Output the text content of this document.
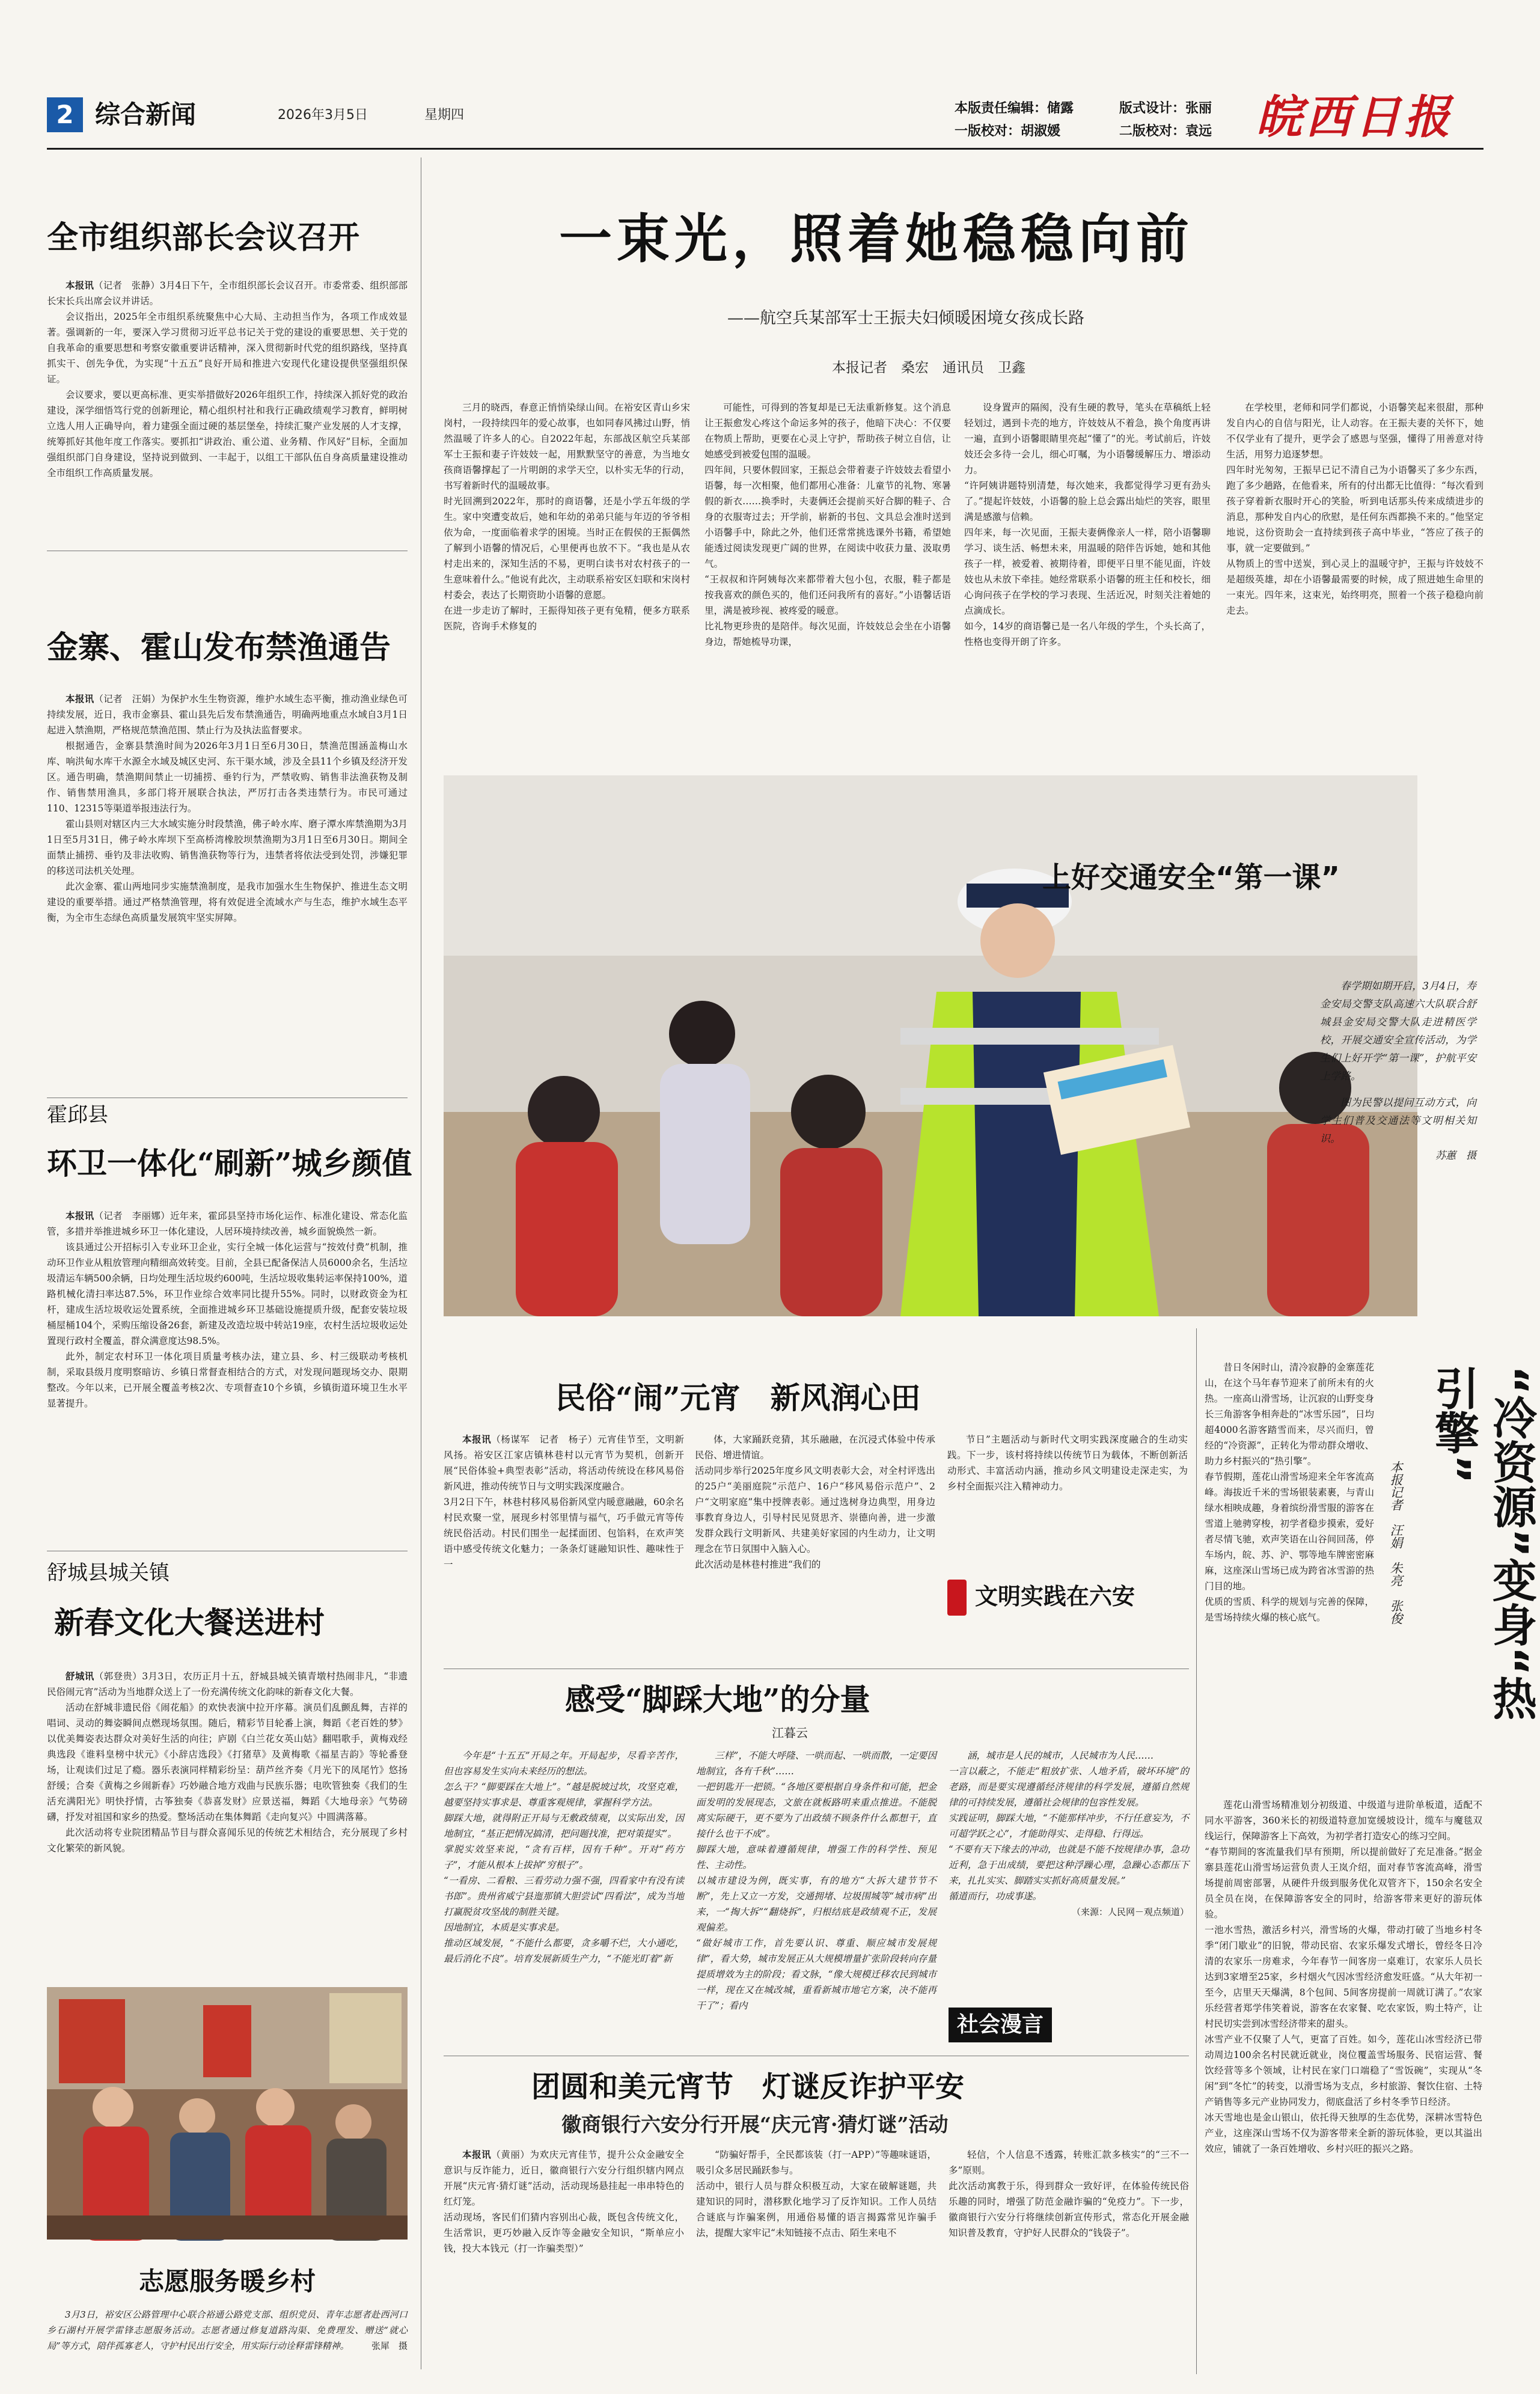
2 综合新闻	2026年3月5日	星期四	本版责任编辑：储露	版式设计：张丽
一版校对：胡淑媛	二版校对：袁远 皖西日报
全市组织部长会议召开

本报讯（记者　张静）3月4日下午，全市组织部长会议召开。市委常委、组织部部长宋长兵出席会议并讲话。

会议指出，2025年全市组织系统聚焦中心大局、主动担当作为，各项工作成效显著。强调新的一年，要深入学习贯彻习近平总书记关于党的建设的重要思想、关于党的自我革命的重要思想和考察安徽重要讲话精神，深入贯彻新时代党的组织路线，坚持真抓实干、创先争优，为实现“十五五”良好开局和推进六安现代化建设提供坚强组织保证。

会议要求，要以更高标准、更实举措做好2026年组织工作，持续深入抓好党的政治建设，深学细悟笃行党的创新理论，精心组织村社和我行正确政绩观学习教育，鲜明树立选人用人正确导向，着力建强全面过硬的基层堡垒，持续汇聚产业发展的人才支撑，统筹抓好其他年度工作落实。要抓扣“讲政治、重公道、业务精、作风好”目标，全面加强组织部门自身建设，坚持说到做到、一丰起于，以组工干部队伍自身高质量建设推动全市组织工作高质量发展。

金寨、霍山发布禁渔通告

本报讯（记者　汪娟）为保护水生生物资源，维护水域生态平衡，推动渔业绿色可持续发展，近日，我市金寨县、霍山县先后发布禁渔通告，明确两地重点水域自3月1日起进入禁渔期，严格规范禁渔范围、禁止行为及执法监督要求。

根据通告，金寨县禁渔时间为2026年3月1日至6月30日，禁渔范围涵盖梅山水库、响洪甸水库干水源全水域及城区史河、东干渠水域，涉及全县11个乡镇及经济开发区。通告明确，禁渔期间禁止一切捕捞、垂钓行为，严禁收购、销售非法渔获物及制作、销售禁用渔具，多部门将开展联合执法，严厉打击各类违禁行为。市民可通过110、12315等渠道举报违法行为。

霍山县则对辖区内三大水域实施分时段禁渔，佛子岭水库、磨子潭水库禁渔期为3月1日至5月31日，佛子岭水库坝下至高桥湾橡胶坝禁渔期为3月1日至6月30日。期间全面禁止捕捞、垂钓及非法收购、销售渔获物等行为，违禁者将依法受到处罚，涉嫌犯罪的移送司法机关处理。

此次金寨、霍山两地同步实施禁渔制度，是我市加强水生生物保护、推进生态文明建设的重要举措。通过严格禁渔管理，将有效促进全流域水产与生态，维护水域生态平衡，为全市生态绿色高质量发展筑牢坚实屏障。

霍邱县
环卫一体化“刷新”城乡颜值

本报讯（记者　李丽娜）近年来，霍邱县坚持市场化运作、标准化建设、常态化监管，多措并举推进城乡环卫一体化建设，人居环境持续改善，城乡面貌焕然一新。

该县通过公开招标引入专业环卫企业，实行全城一体化运营与“按效付费”机制，推动环卫作业从粗放管理向精细高效转变。目前，全县已配备保洁人员6000余名，生活垃圾清运车辆500余辆，日均处理生活垃圾约600吨，生活垃圾收集转运率保持100%，道路机械化清扫率达87.5%，环卫作业综合效率同比提升55%。同时，以财政资金为杠杆，建成生活垃圾收运处置系统，全面推进城乡环卫基础设施提质升级，配套安装垃圾桶屋桶104个，采购压缩设备26套，新建及改造垃圾中转站19座，农村生活垃圾收运处置现行政村全覆盖，群众满意度达98.5%。

此外，制定农村环卫一体化项目质量考核办法，建立县、乡、村三级联动考核机制，采取县级月度明察暗访、乡镇日常督查相结合的方式，对发现问题现场交办、限期整改。今年以来，已开展全覆盖考核2次、专项督查10个乡镇，乡镇街道环境卫生水平显著提升。

舒城县城关镇
新春文化大餐送进村

舒城讯（郭登贵）3月3日，农历正月十五，舒城县城关镇青墩村热闹非凡，“非遗民俗闹元宵”活动为当地群众送上了一份充满传统文化韵味的新春文化大餐。

活动在舒城非遗民俗《闹花船》的欢快表演中拉开序幕。演员们乱颤乱舞，吉祥的唱词、灵动的舞姿瞬间点燃现场氛围。随后，精彩节目轮番上演，舞蹈《老百姓的梦》以优美舞姿表达群众对美好生活的向往；庐剧《白兰花女英山姑》翻唱歌手，黄梅戏经典选段《谁料皇榜中状元》《小辞店选段》《打猪草》及黄梅歌《福星吉韵》等轮番登场，让观读们过足了瘾。器乐表演同样精彩纷呈：葫芦丝齐奏《月光下的凤尾竹》悠扬舒缓；合奏《黄梅之乡闹新春》巧妙融合地方戏曲与民族乐器；电吹管独奏《我们的生活充满阳光》明快抒情，古筝独奏《恭喜发财》应景送福，舞蹈《大地母亲》气势磅礴，抒发对祖国和家乡的热爱。整场活动在集体舞蹈《走向复兴》中圆满落幕。

此次活动将专业院团精品节目与群众喜闻乐见的传统艺术相结合，充分展现了乡村文化繁荣的新风貌。

志愿服务暖乡村

3月3日，裕安区公路管理中心联合裕通公路党支部、组织党员、青年志愿者赴西河口乡石湖村开展学雷锋志愿服务活动。志愿者通过修复道路沟渠、免费理发、赠送“就心局”等方式，陪伴孤寡老人，守护村民出行安全，用实际行动诠释雷锋精神。	张犀　摄

一束光，照着她稳稳向前
——航空兵某部军士王振夫妇倾暖困境女孩成长路
本报记者　桑宏　通讯员　卫鑫

三月的晓西，春意正悄悄染绿山间。在裕安区青山乡宋岗村，一段持续四年的爱心故事，也如同春风拂过山野，悄然温暖了许多人的心。自2022年起，东部战区航空兵某部军士王振和妻子许妓妓一起，用默默坚守的善意，为当地女孩商语馨撑起了一片明朗的求学天空，以朴实无华的行动，书写着新时代的温暖故事。
时光回溯到2022年，那时的商语馨，还是小学五年级的学生。家中突遭变故后，她和年幼的弟弟只能与年迈的爷爷相依为命，一度面临着求学的困境。当时正在假侯的王振偶然了解到小语馨的情况后，心里便再也放不下。“我也是从农村走出来的，深知生活的不易，更明白读书对农村孩子的一生意味着什么。”他说有此次，主动联系裕安区妇联和宋岗村村委会，表达了长期资助小语馨的意愿。
在进一步走访了解时，王振得知孩子更有兔精，便多方联系医院，咨询手术修复的

可能性，可得到的答复却是已无法重新修复。这个消息让王振愈发心疼这个命运多舛的孩子，他暗下决心：不仅要在物质上帮助，更要在心灵上守护，帮助孩子树立自信，让她感受到被爱包围的温暖。
四年间，只要休假回家，王振总会带着妻子许妓妓去看望小语馨，每一次相聚，他们都用心准备：儿童节的礼物、寒暑假的新衣……换季时，夫妻俩还会提前买好合脚的鞋子、合身的衣服寄过去；开学前，崭新的书包、文具总会准时送到小语馨手中，除此之外，他们还常常挑选课外书籍，希望她能透过阅读发现更广阔的世界，在阅读中收获力量、汲取勇气。
“王叔叔和许阿姨每次来都带着大包小包，衣服，鞋子都是按我喜欢的颜色买的，他们还问我所有的喜好。”小语馨话语里，满是被珍视、被疼爱的暖意。
比礼物更珍贵的是陪伴。每次见面，许妓妓总会坐在小语馨身边，帮她梳导功课，

设身置声的隔阂，没有生硬的教导，笔头在草稿纸上轻轻划过，遇到卡壳的地方，许妓妓从不着急，换个角度再讲一遍，直到小语馨眼睛里亮起“懂了”的光。考试前后，许妓妓还会多待一会儿，细心叮嘱，为小语馨缓解压力、增添动力。
“许阿姨讲题特别清楚，每次她来，我都觉得学习更有劲头了。”提起许妓妓，小语馨的脸上总会露出灿烂的笑容，眼里满是感激与信赖。
四年来，每一次见面，王振夫妻俩像亲人一样，陪小语馨聊学习、谈生活、畅想未来，用温暖的陪伴告诉她，她和其他孩子一样，被爱着、被期待着，即便平日里不能见面，许妓妓也从未放下牵挂。她经常联系小语馨的班主任和校长，细心询问孩子在学校的学习表现、生活近况，时刻关注着她的点滴成长。
如今，14岁的商语馨已是一名八年级的学生，个头长高了，性格也变得开朗了许多。

在学校里，老师和同学们都说，小语馨笑起来很甜，那种发自内心的自信与阳光，让人动容。在王振夫妻的关怀下，她不仅学业有了提升，更学会了感恩与坚强，懂得了用善意对待生活，用努力追逐梦想。
四年时光匆匆，王振早已记不清自己为小语馨买了多少东西，跑了多少趟路，在他看来，所有的付出都无比值得：“每次看到孩子穿着新衣服时开心的笑脸，听到电话那头传来成绩进步的消息，那种发自内心的欣慰，是任何东西都换不来的。”他坚定地说，这份资助会一直持续到孩子高中毕业，“答应了孩子的事，就一定要做到。”
从物质上的雪中送炭，到心灵上的温暖守护，王振与许妓妓不是超级英雄，却在小语馨最需要的时候，成了照进她生命里的一束光。四年来，这束光，始终明亮，照着一个孩子稳稳向前走去。

上好交通安全“第一课”

春学期如期开启，3月4日，寿金安局交警支队高速六大队联合舒城县金安局交警大队走进精医学校，开展交通安全宣传活动，为学生们上好开学“第一课”，护航平安上学路。

图为民警以提问互动方式，向学生们普及交通法等文明相关知识。

苏蕙　摄

民俗“闹”元宵　新风润心田

本报讯（杨谋军　记者　杨子）元宵佳节至，文明新风扬。裕安区江家店镇林巷村以元宵节为契机，创新开展“民俗体验+典型表彰”活动，将活动传统设在移风易俗新风进，推动传统节日与文明实践深度融合。
3月2日下午，林巷村移风易俗新风堂内暖意融融，60余名村民欢聚一堂，展现乡村邻里情与福气，巧手做元宵等传统民俗活动。村民们围坐一起揉面团、包馅料，在欢声笑语中感受传统文化魅力；一条条灯谜融知识性、趣味性于一

体，大家踊跃竞猜，其乐融融，在沉浸式体验中传承民俗、增进情谊。
活动同步举行2025年度乡风文明表彰大会，对全村评选出的25户“美丽庭院”示范户、16户“移风易俗示范户”、2户“文明家庭”集中授牌表彰。通过选树身边典型，用身边事教育身边人，引导村民见贤思齐、崇德向善，进一步激发群众践行文明新风、共建美好家园的内生动力，让文明理念在节日氛围中入脑入心。
此次活动是林巷村推进“我们的

节日”主题活动与新时代文明实践深度融合的生动实践。下一步，该村将持续以传统节日为载体，不断创新活动形式、丰富活动内涵，推动乡风文明建设走深走实，为乡村全面振兴注入精神动力。

文明实践在六安
感受“脚踩大地”的分量
江暮云

今年是“十五五”开局之年。开局起步，尽看辛苦作，但也容易发生实向未来经历的想法。
怎么干？“脚要踩在大地上”。“越是脱坡过坎，攻坚克难，越要坚持实事求是、尊重客观规律，掌握科学方法。
脚踩大地，就得附正开局与无敷政绩观，以实际出发，因地制宜，“基正把情况搞清，把问题找准，把对策提实”。
掌脱实效坚来说，“贪有百样，因有千种”。开对“药方子”，才能从根本上拔掉“穷根子”。
“一看房、二看粮、三看劳动力强不强，四看家中有没有读书郎”。贵州省威宁县迤那镇大胆尝试“四看法”，成为当地打赢脱贫攻坚战的制胜关键。
因地制宜，本质是实事求是。
推动区域发展，“不能什么都要，贪多嚼不烂，大小通吃，最后消化不良”。培育发展新质生产力，“不能光盯着”新

三样”，不能大呼隆、一哄而起、一哄而散，一定要因地制宜，各有千秋”……
一把钥匙开一把锁。“各地区要根据自身条件和可能，把金面发明的发展现态，文旅在就板路明来重点推进。不能脱离实际硬干，更不要为了出政绩不顾条件什么都想干，直接什么也干不成”。
脚踩大地，意味着遵循规律，增强工作的科学性、预见性、主动性。
以城市建设为例，既实事，有的地方“大拆大建节节不断”，先上又立一方发，交通拥堵、垃圾围城等“城市病”出来，一“掏大拆”“翻烧拆”，归根结底是政绩观不正，发展观偏差。
“做好城市工作，首先要认识、尊重、顺应城市发展规律”，看大势，城市发展正从大规模增量扩张阶段转向存量提质增效为主的阶段；看文脉，“像大规模迁移农民到城市一样，现在又在城改城，重看新城市地宅方案，决不能再干了”；看内

涵，城市是人民的城市，人民城市为人民……
一言以蔽之，不能走“粗放扩张、人地矛盾，破坏环境”的老路，而是要实现遵循经济规律的科学发展，遵循自然规律的可持续发展，遵循社会规律的包容性发展。
实践证明，脚踩大地，“不能那样冲步，不行任意妄为，不可超学跃之心”，才能助得实、走得稳、行得远。
“不要有天下缘去的冲动，也就是不能不按规律办事，急功近利，急于出成绩，要把这种浮躁心理，急躁心态都压下来，扎扎实实、脚踏实实抓好高质量发展。”
循道而行，功成事遂。

（来源：人民网－观点频道）

社会漫言
团圆和美元宵节　灯谜反诈护平安
徽商银行六安分行开展“庆元宵·猜灯谜”活动

本报讯（黄丽）为欢庆元宵佳节，提升公众金融安全意识与反诈能力，近日，徽商银行六安分行组织辖内网点开展“庆元宵·猜灯谜”活动，活动现场悬挂起一串串特色的红灯笼。
活动现场，客民们们猜内容别出心裁，既包含传统文化，生活常识，更巧妙融入反诈等金融安全知识，“斯单应小钱，投大本钱元（打一诈骗类型）”

“防骗好帮手，全民都该装（打一APP）”等趣味谜语，吸引众多居民踊跃参与。
活动中，银行人员与群众积极互动，大家在破解谜题，共建知识的同时，潜移默化地学习了反诈知识。工作人员结合谜底与诈骗案例，用通俗易懂的语言揭露常见诈骗手法，提醒大家牢记“未知链接不点击、陌生来电不

轻信，个人信息不透露，转账汇款多核实”的“三不一多”原则。
此次活动寓教于乐，得到群众一致好评，在体验传统民俗乐趣的同时，增强了防范金融诈骗的“免疫力”。下一步，徽商银行六安分行将继续创新宣传形式，常态化开展金融知识普及教育，守护好人民群众的“钱袋子”。

“冷资源”变身“热引擎”
本报记者　汪娟　朱亮　张俊

昔日冬闲时山，清冷寂静的金寨莲花山，在这个马年春节迎来了前所未有的火热。一座高山滑雪场，让沉寂的山野变身长三角游客争相奔赴的“冰雪乐园”，日均超4000名游客踏雪而来，尽兴而归，曾经的“冷资源”，正转化为带动群众增收、助力乡村振兴的“热引擎”。
春节假期，莲花山滑雪场迎来全年客流高峰。海拔近千米的雪场银装素裹，与青山绿水相映成趣，身着缤纷滑雪服的游客在雪道上驰骋穿梭，初学者稳步摸索，爱好者尽情飞驰，欢声笑语在山谷间回荡，停车场内，皖、苏、沪、鄂等地车牌密密麻麻，这座深山雪场已成为跨省冰雪游的热门目的地。
优质的雪质、科学的规划与完善的保障，是雪场持续火爆的核心底气。

莲花山滑雪场精准划分初级道、中级道与进阶单板道，适配不同水平游客，360米长的初级道特意加宽缓坡设计，缆车与魔毯双线运行，保障游客上下高效，为初学者打造安心的练习空间。
“春节期间的客流量我们早有预期，所以提前做好了充足准备。”据金寨县莲花山滑雪场运营负责人王岚介绍，面对春节客流高峰，滑雪场提前周密部署，从硬件升级到服务优化双管齐下，150余名安全员全员在岗，在保障游客安全的同时，给游客带来更好的游玩体验。
一池水雪热，激活乡村兴，滑雪场的火爆，带动打破了当地乡村冬季“闭门歇业”的旧貌，带动民宿、农家乐爆发式增长，曾经冬日冷清的农家乐一房难求，今年春节一间客房一桌难订，农家乐人员长达到3家增至25家，乡村烟火气因冰雪经济愈发旺盛。“从大年初一至今，店里天天爆满，8个包间、5间客房提前一周就订满了。”农家乐经营者郑学伟笑着说，游客在农家餐、吃农家饭，购土特产，让村民切实尝到冰雪经济带来的甜头。
冰雪产业不仅聚了人气，更富了百姓。如今，莲花山冰雪经济已带动周边100余名村民就近就业，岗位覆盖雪场服务、民宿运营、餐饮经营等多个领域，让村民在家门口端稳了“雪饭碗”，实现从“冬闲”到“冬忙”的转变，以滑雪场为支点，乡村旅游、餐饮住宿、土特产销售等多元产业协同发力，彻底盘活了乡村冬季节日经济。
冰天雪地也是金山银山，依托得天独厚的生态优势，深耕冰雪特色产业，这座深山雪场不仅为游客带来全新的游玩体验，更以其溢出效应，铺就了一条百姓增收、乡村兴旺的振兴之路。
